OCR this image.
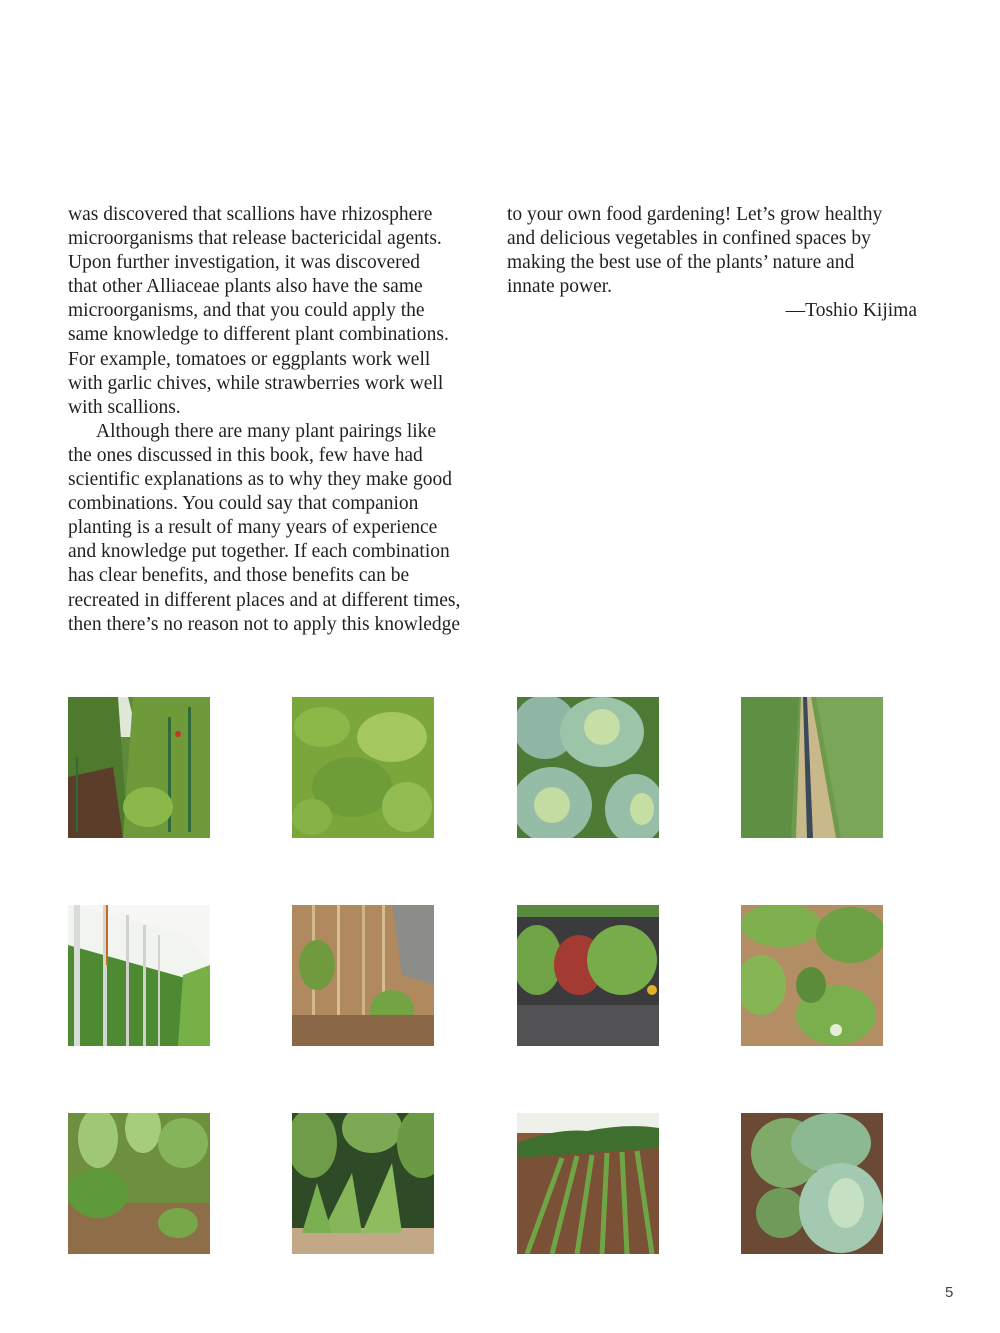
was discovered that scallions have rhizosphere
microorganisms that release bactericidal agents.
Upon further investigation, it was discovered
that other Alliaceae plants also have the same
microorganisms, and that you could apply the
same knowledge to different plant combinations.
For example, tomatoes or eggplants work well
with garlic chives, while strawberries work well
with scallions.
Although there are many plant pairings like
the ones discussed in this book, few have had
scientific explanations as to why they make good
combinations. You could say that companion
planting is a result of many years of experience
and knowledge put together. If each combination
has clear benefits, and those benefits can be
recreated in different places and at different times,
then there’s no reason not to apply this knowledge
to your own food gardening! Let’s grow healthy
and delicious vegetables in confined spaces by
making the best use of the plants’ nature and
innate power.
—Toshio Kijima
5
